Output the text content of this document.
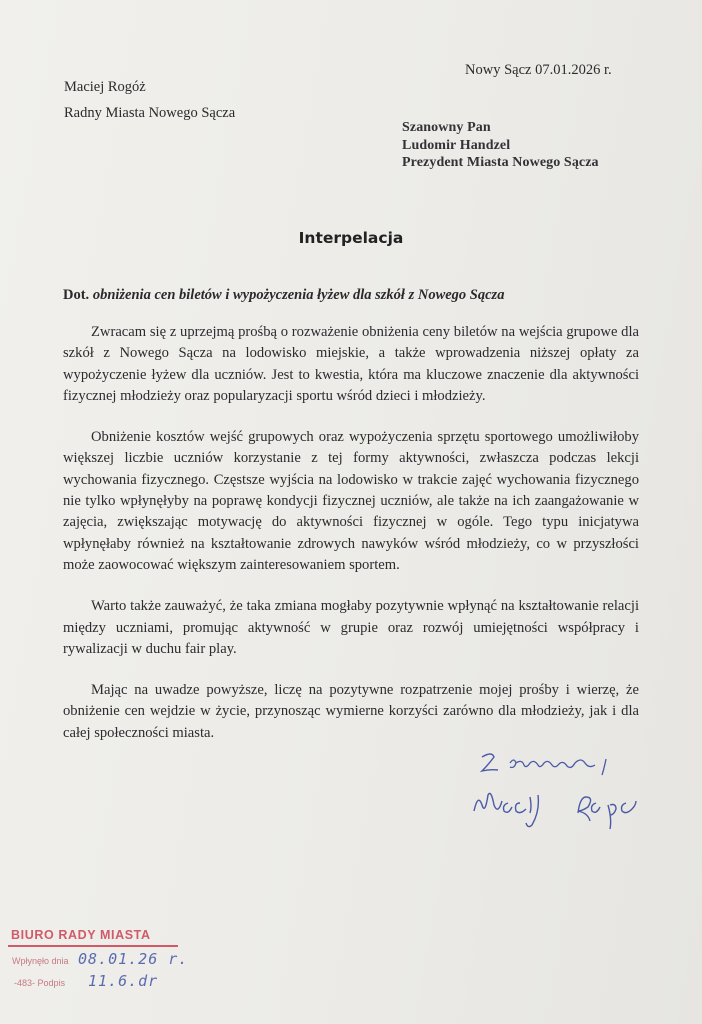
Maciej Rogóż
Radny Miasta Nowego Sącza
Nowy Sącz 07.01.2026 r.
Szanowny Pan
Ludomir Handzel
Prezydent Miasta Nowego Sącza
Interpelacja
Dot. obniżenia cen biletów i wypożyczenia łyżew dla szkół z Nowego Sącza

Zwracam się z uprzejmą prośbą o rozważenie obniżenia ceny biletów na wejścia grupowe dla szkół z Nowego Sącza na lodowisko miejskie, a także wprowadzenia niższej opłaty za wypożyczenie łyżew dla uczniów. Jest to kwestia, która ma kluczowe znaczenie dla aktywności fizycznej młodzieży oraz popularyzacji sportu wśród dzieci i młodzieży.

Obniżenie kosztów wejść grupowych oraz wypożyczenia sprzętu sportowego umożliwiłoby większej liczbie uczniów korzystanie z tej formy aktywności, zwłaszcza podczas lekcji wychowania fizycznego. Częstsze wyjścia na lodowisko w trakcie zajęć wychowania fizycznego nie tylko wpłynęłyby na poprawę kondycji fizycznej uczniów, ale także na ich zaangażowanie w zajęcia, zwiększając motywację do aktywności fizycznej w ogóle. Tego typu inicjatywa wpłynęłaby również na kształtowanie zdrowych nawyków wśród młodzieży, co w przyszłości może zaowocować większym zainteresowaniem sportem.

Warto także zauważyć, że taka zmiana mogłaby pozytywnie wpłynąć na kształtowanie relacji między uczniami, promując aktywność w grupie oraz rozwój umiejętności współpracy i rywalizacji w duchu fair play.

Mając na uwadze powyższe, liczę na pozytywne rozpatrzenie mojej prośby i wierzę, że obniżenie cen wejdzie w życie, przynosząc wymierne korzyści zarówno dla młodzieży, jak i dla całej społeczności miasta.

BIURO RADY MIASTA
Wpłynęło dnia 08.01.26 r.
-483- Podpis 11.6.dr
